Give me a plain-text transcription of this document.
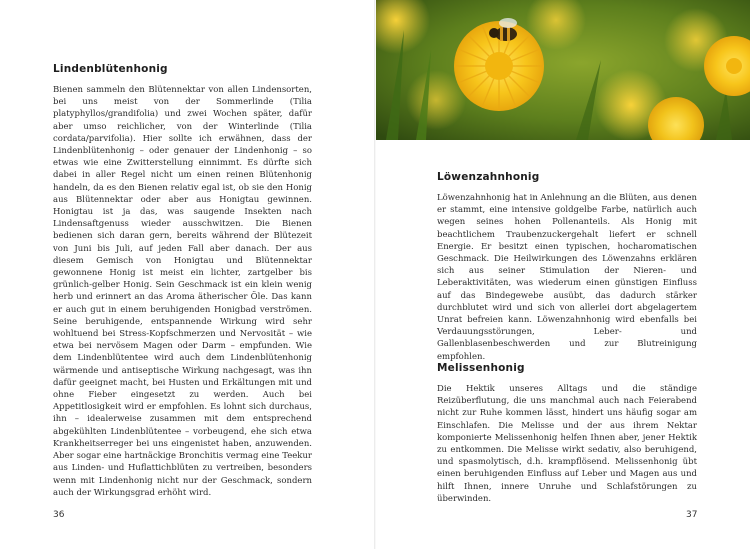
Lindenblütenhonig

Bienen sammeln den Blütennektar von allen Lindensorten, bei uns meist von der Sommerlinde (Tilia platyphyllos/grandifolia) und zwei Wochen später, dafür aber umso reichlicher, von der Winterlinde (Tilia cordata/parvifolia). Hier sollte ich erwähnen, dass der Lindenblütenhonig – oder genauer der Lindenhonig – so etwas wie eine Zwitterstellung einnimmt. Es dürfte sich dabei in aller Regel nicht um einen reinen Blütenhonig handeln, da es den Bienen relativ egal ist, ob sie den Honig aus Blütennektar oder aber aus Honigtau gewinnen. Honigtau ist ja das, was saugende Insekten nach Lindensaftgenuss wieder ausschwitzen. Die Bienen bedienen sich daran gern, bereits während der Blütezeit von Juni bis Juli, auf jeden Fall aber danach. Der aus diesem Gemisch von Honigtau und Blütennektar gewonnene Honig ist meist ein lichter, zartgelber bis grünlich-gelber Honig. Sein Geschmack ist ein klein wenig herb und erinnert an das Aroma ätherischer Öle. Das kann er auch gut in einem beruhigenden Honigbad verströmen. Seine beruhigende, entspannende Wirkung wird sehr wohltuend bei Stress-Kopfschmerzen und Nervosität – wie etwa bei nervösem Magen oder Darm – empfunden. Wie dem Lindenblütentee wird auch dem Lindenblütenhonig wärmende und antiseptische Wirkung nachgesagt, was ihn dafür geeignet macht, bei Husten und Erkältungen mit und ohne Fieber eingesetzt zu werden. Auch bei Appetitlosigkeit wird er empfohlen. Es lohnt sich durchaus, ihn – idealerweise zusammen mit dem entsprechend abgekühlten Lindenblütentee – vorbeugend, ehe sich etwa Krankheitserreger bei uns eingenistet haben, anzuwenden. Aber sogar eine hartnäckige Bronchitis vermag eine Teekur aus Linden- und Huflattichblüten zu vertreiben, besonders wenn mit Lindenhonig nicht nur der Geschmack, sondern auch der Wirkungsgrad erhöht wird.

36
Löwenzahnhonig

Löwenzahnhonig hat in Anlehnung an die Blüten, aus denen er stammt, eine intensive goldgelbe Farbe, natürlich auch wegen seines hohen Pollenanteils. Als Honig mit beachtlichem Traubenzuckergehalt liefert er schnell Energie. Er besitzt einen typischen, hocharomatischen Geschmack. Die Heilwirkungen des Löwenzahns erklären sich aus seiner Stimulation der Nieren- und Leberaktivitäten, was wiederum einen günstigen Einfluss auf das Bindegewebe ausübt, das dadurch stärker durchblutet wird und sich von allerlei dort abgelagertem Unrat befreien kann. Löwenzahnhonig wird ebenfalls bei Verdauungsstörungen, Leber- und Gallenblasenbeschwerden und zur Blutreinigung empfohlen.

Melissenhonig

Die Hektik unseres Alltags und die ständige Reizüberflutung, die uns manchmal auch nach Feierabend nicht zur Ruhe kommen lässt, hindert uns häufig sogar am Einschlafen. Die Melisse und der aus ihrem Nektar komponierte Melissenhonig helfen Ihnen aber, jener Hektik zu entkommen. Die Melisse wirkt sedativ, also beruhigend, und spasmolytisch, d.h. krampflösend. Melissenhonig übt einen beruhigenden Einfluss auf Leber und Magen aus und hilft Ihnen, innere Unruhe und Schlafstörungen zu überwinden.

37
